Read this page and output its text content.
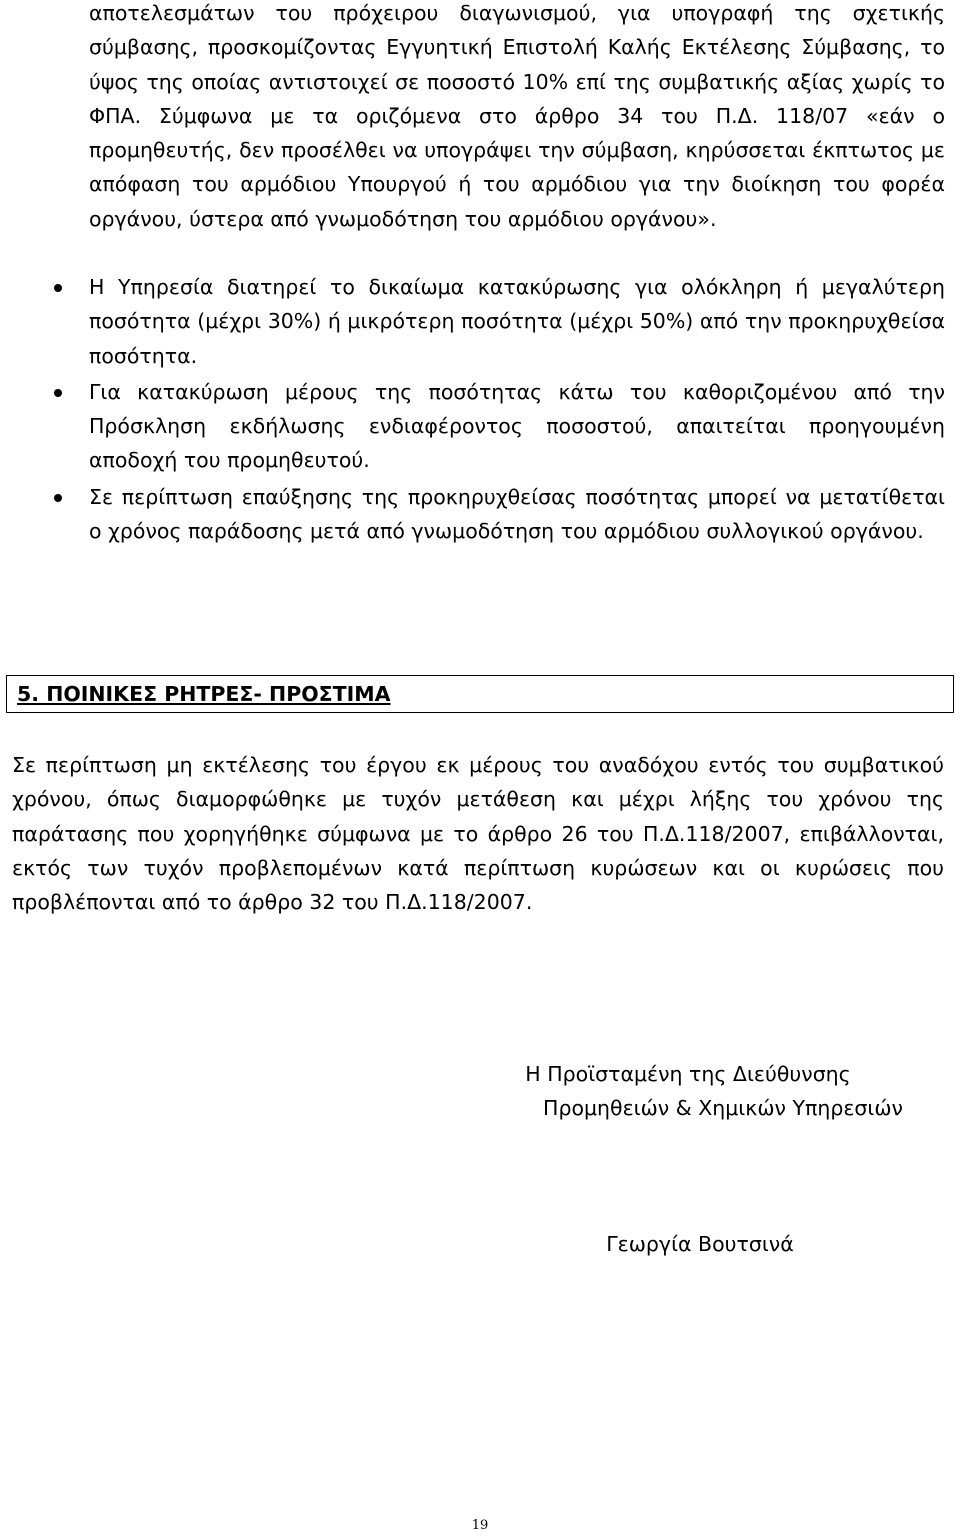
αποτελεσμάτων του πρόχειρου διαγωνισμού, για υπογραφή της σχετικής σύμβασης, προσκομίζοντας Εγγυητική Επιστολή Καλής Εκτέλεσης Σύμβασης, το ύψος της οποίας αντιστοιχεί σε ποσοστό 10% επί της συμβατικής αξίας χωρίς το ΦΠΑ. Σύμφωνα με τα οριζόμενα στο άρθρο 34 του Π.Δ. 118/07 «εάν ο προμηθευτής, δεν προσέλθει να υπογράψει την σύμβαση, κηρύσσεται έκπτωτος με απόφαση του αρμόδιου Υπουργού ή του αρμόδιου για την διοίκηση του φορέα οργάνου, ύστερα από γνωμοδότηση του αρμόδιου οργάνου».

Η Υπηρεσία διατηρεί το δικαίωμα κατακύρωσης για ολόκληρη ή μεγαλύτερη ποσότητα (μέχρι 30%) ή μικρότερη ποσότητα (μέχρι 50%) από την προκηρυχθείσα ποσότητα.
Για κατακύρωση μέρους της ποσότητας κάτω του καθοριζομένου από την Πρόσκληση εκδήλωσης ενδιαφέροντος ποσοστού, απαιτείται προηγουμένη αποδοχή του προμηθευτού.
Σε περίπτωση επαύξησης της προκηρυχθείσας ποσότητας μπορεί να μετατίθεται ο χρόνος παράδοσης μετά από γνωμοδότηση του αρμόδιου συλλογικού οργάνου.
5. ΠΟΙΝΙΚΕΣ ΡΗΤΡΕΣ- ΠΡΟΣΤΙΜΑ

Σε περίπτωση μη εκτέλεσης του έργου εκ μέρους του αναδόχου εντός του συμβατικού χρόνου, όπως διαμορφώθηκε με τυχόν μετάθεση και μέχρι λήξης του χρόνου της παράτασης που χορηγήθηκε σύμφωνα με το άρθρο 26 του Π.Δ.118/2007, επιβάλλονται, εκτός των τυχόν προβλεπομένων κατά περίπτωση κυρώσεων και οι κυρώσεις που προβλέπονται από το άρθρο 32 του Π.Δ.118/2007.

Η Προϊσταμένη της Διεύθυνσης
Προμηθειών & Χημικών Υπηρεσιών
Γεωργία Βουτσινά
19
